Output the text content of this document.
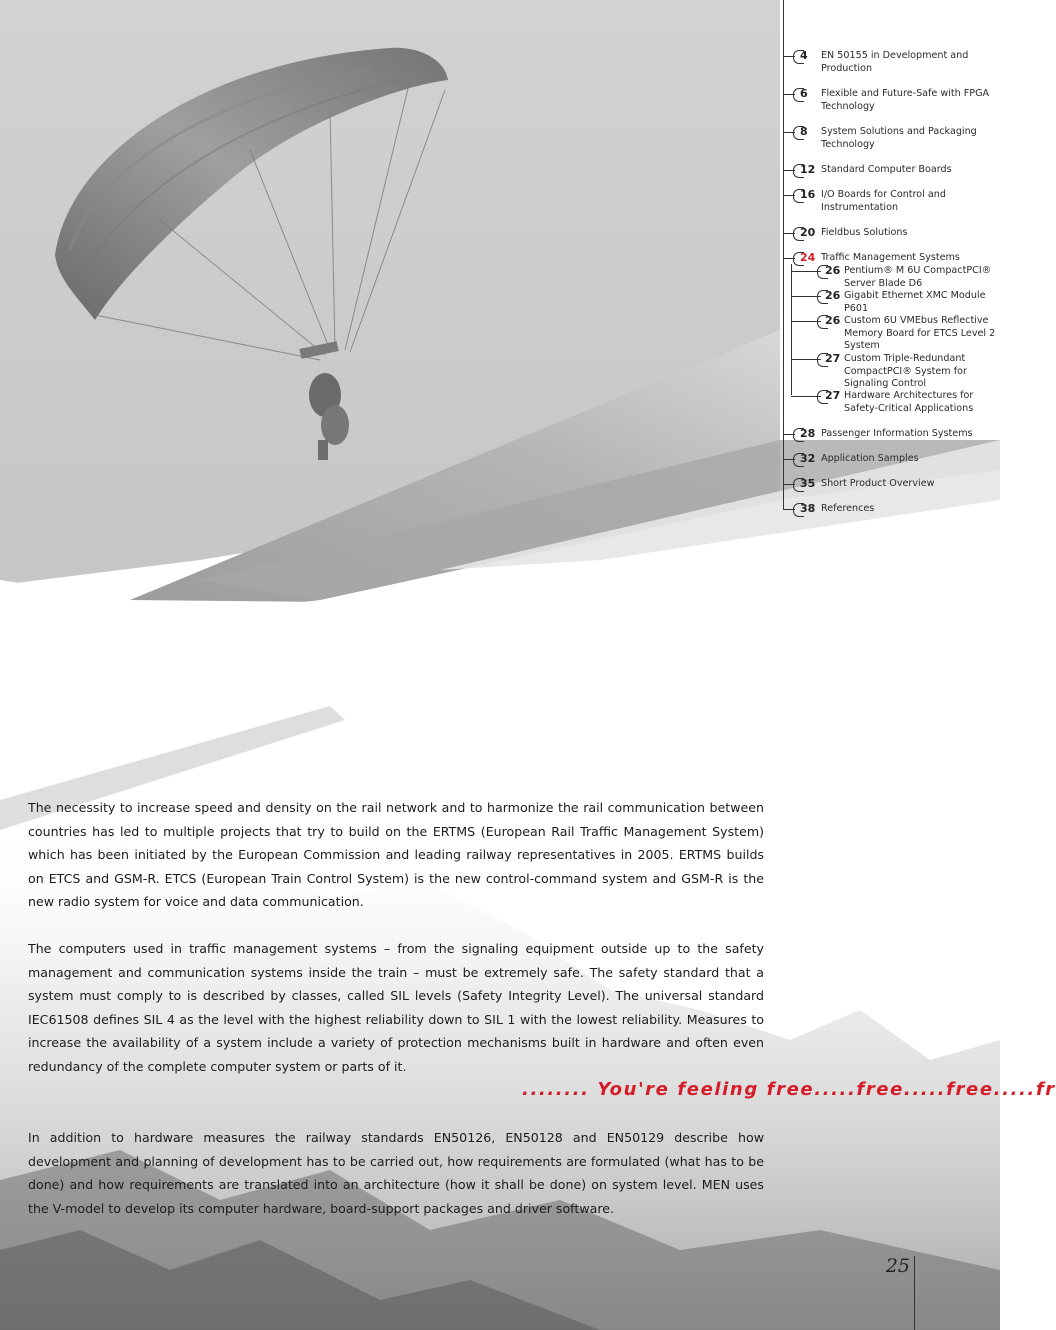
4	EN 50155 in Development and Production
6	Flexible and Future-Safe with FPGA Technology
8	System Solutions and Packaging Technology
12 Standard Computer Boards
16 I/O Boards for Control and Instrumentation
20 Fieldbus Solutions
24 Traffic Management Systems
26 Pentium® M 6U CompactPCI® Server Blade D6
26 Gigabit Ethernet XMC Module P601
26 Custom 6U VMEbus Reflective Memory Board for ETCS Level 2 System
27 Custom Triple-Redundant CompactPCI® System for Signaling Control
27 Hardware Architectures for Safety-Critical Applications
28 Passenger Information Systems
32 Application Samples
35 Short Product Overview
38 References

The necessity to increase speed and density on the rail network and to harmonize the rail communication between countries has led to multiple projects that try to build on the ERTMS (European Rail Traffic Management System) which has been initiated by the European Commission and leading railway representatives in 2005. ERTMS builds on ETCS and GSM-R. ETCS (European Train Control System) is the new control-command system and GSM-R is the new radio system for voice and data communication.

The computers used in traffic management systems – from the signaling equipment outside up to the safety management and communication systems inside the train – must be extremely safe. The safety standard that a system must comply to is described by classes, called SIL levels (Safety Integrity Level). The universal standard IEC61508 defines SIL 4 as the level with the highest reliability down to SIL 1 with the lowest reliability. Measures to increase the availability of a system include a variety of protection mechanisms built in hardware and often even redundancy of the complete computer system or parts of it.

........ You're feeling free.....free.....free.....fr

In addition to hardware measures the railway standards EN50126, EN50128 and EN50129 describe how development and planning of development has to be carried out, how requirements are formulated (what has to be done) and how requirements are translated into an architecture (how it shall be done) on system level. MEN uses the V-model to develop its computer hardware, board-support packages and driver software.

25
